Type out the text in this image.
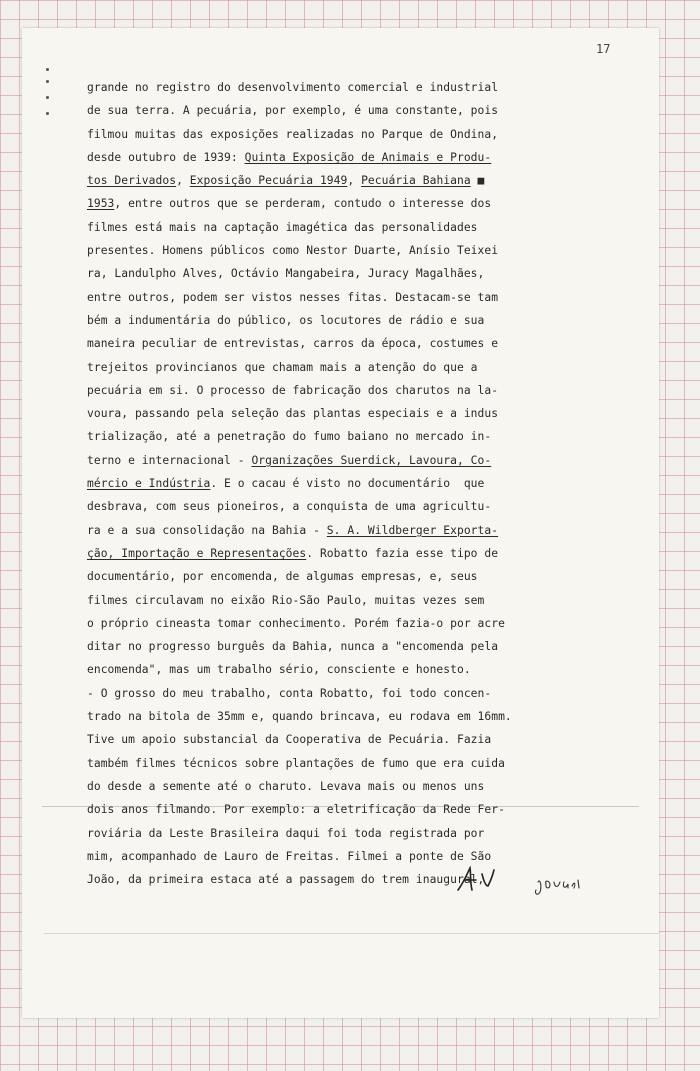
17
grande no registro do desenvolvimento comercial e industrial
de sua terra. A pecuária, por exemplo, é uma constante, pois
filmou muitas das exposições realizadas no Parque de Ondina,
desde outubro de 1939: Quinta Exposição de Animais e Produ-
tos Derivados, Exposição Pecuária 1949, Pecuária Bahiana ■
1953, entre outros que se perderam, contudo o interesse dos
filmes está mais na captação imagética das personalidades
presentes. Homens públicos como Nestor Duarte, Anísio Teixei
ra, Landulpho Alves, Octávio Mangabeira, Juracy Magalhães,
entre outros, podem ser vistos nesses fitas. Destacam-se tam
bém a indumentária do público, os locutores de rádio e sua
maneira peculiar de entrevistas, carros da época, costumes e
trejeitos provincianos que chamam mais a atenção do que a
pecuária em si. O processo de fabricação dos charutos na la-
voura, passando pela seleção das plantas especiais e a indus
trialização, até a penetração do fumo baiano no mercado in-
terno e internacional - Organizações Suerdick, Lavoura, Co-
mércio e Indústria. E o cacau é visto no documentário  que
desbrava, com seus pioneiros, a conquista de uma agricultu-
ra e a sua consolidação na Bahia - S. A. Wildberger Exporta-
ção, Importação e Representações. Robatto fazia esse tipo de
documentário, por encomenda, de algumas empresas, e, seus
filmes circulavam no eixão Rio-São Paulo, muitas vezes sem
o próprio cineasta tomar conhecimento. Porém fazia-o por acre
ditar no progresso burguês da Bahia, nunca a "encomenda pela
encomenda", mas um trabalho sério, consciente e honesto.
- O grosso do meu trabalho, conta Robatto, foi todo concen-
trado na bitola de 35mm e, quando brincava, eu rodava em 16mm.
Tive um apoio substancial da Cooperativa de Pecuária. Fazia
também filmes técnicos sobre plantações de fumo que era cuida
do desde a semente até o charuto. Levava mais ou menos uns
dois anos filmando. Por exemplo: a eletrificação da Rede Fer-
roviária da Leste Brasileira daqui foi toda registrada por
mim, acompanhado de Lauro de Freitas. Filmei a ponte de São
João, da primeira estaca até a passagem do trem inaugural,
